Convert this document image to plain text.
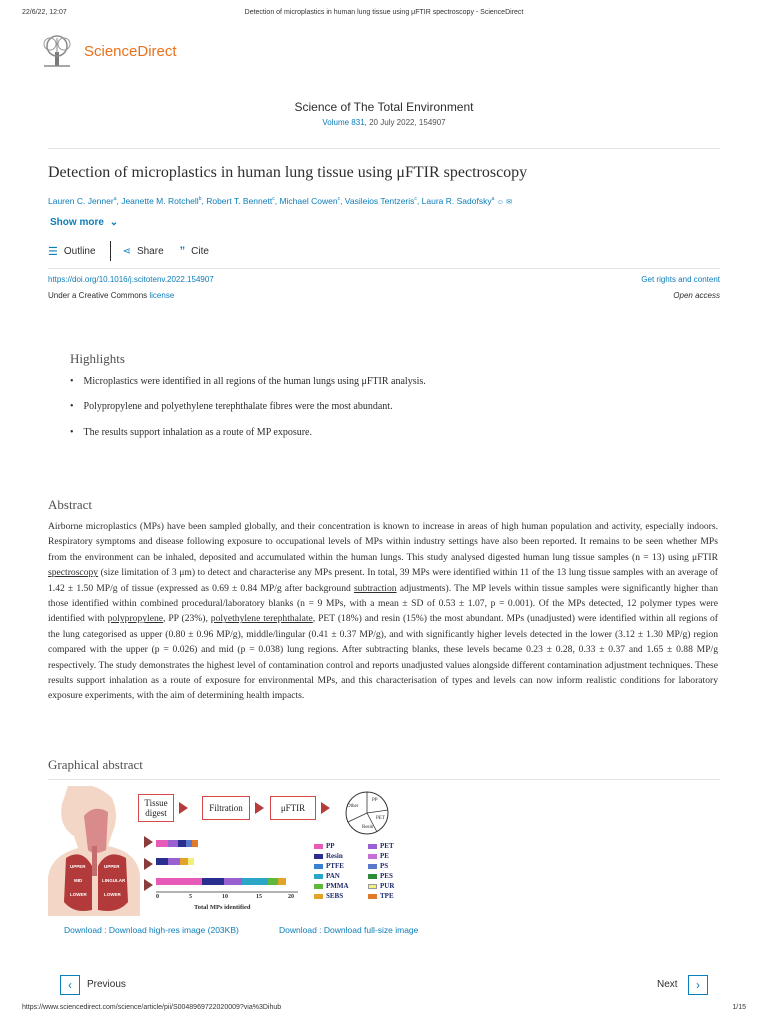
22/6/22, 12:07	Detection of microplastics in human lung tissue using μFTIR spectroscopy - ScienceDirect
ScienceDirect
Science of The Total Environment
Volume 831, 20 July 2022, 154907
Detection of microplastics in human lung tissue using μFTIR spectroscopy
Lauren C. Jenner$^a$, Jeanette M. Rotchell$^b$, Robert T. Bennett$^c$, Michael Cowen$^c$, Vasileios Tentzeris$^c$, Laura R. Sadofsky$^a$ ☺ ✉
Show more ⌄
☰ Outline	⋖ Share ” Cite
https://doi.org/10.1016/j.scitotenv.2022.154907	Get rights and content
Under a Creative Commons license	Open access
Highlights
•    Microplastics were identified in all regions of the human lungs using μFTIR analysis.
•    Polypropylene and polyethylene terephthalate fibres were the most abundant.
•    The results support inhalation as a route of MP exposure.
Abstract
Airborne microplastics (MPs) have been sampled globally, and their concentration is known to increase in areas of high human population and activity, especially indoors. Respiratory symptoms and disease following exposure to occupational levels of MPs within industry settings have also been reported. It remains to be seen whether MPs from the environment can be inhaled, deposited and accumulated within the human lungs. This study analysed digested human lung tissue samples (n = 13) using μFTIR spectroscopy (size limitation of 3 μm) to detect and characterise any MPs present. In total, 39 MPs were identified within 11 of the 13 lung tissue samples with an average of 1.42 ± 1.50 MP/g of tissue (expressed as 0.69 ± 0.84 MP/g after background subtraction adjustments). The MP levels within tissue samples were significantly higher than those identified within combined procedural/laboratory blanks (n = 9 MPs, with a mean ± SD of 0.53 ± 1.07, p = 0.001). Of the MPs detected, 12 polymer types were identified with polypropylene, PP (23%), polyethylene terephthalate, PET (18%) and resin (15%) the most abundant. MPs (unadjusted) were identified within all regions of the lung categorised as upper (0.80 ± 0.96 MP/g), middle/lingular (0.41 ± 0.37 MP/g), and with significantly higher levels detected in the lower (3.12 ± 1.30 MP/g) region compared with the upper (p = 0.026) and mid (p = 0.038) lung regions. After subtracting blanks, these levels became 0.23 ± 0.28, 0.33 ± 0.37 and 1.65 ± 0.88 MP/g respectively. The study demonstrates the highest level of contamination control and reports unadjusted values alongside different contamination adjustment techniques. These results support inhalation as a route of exposure for environmental MPs, and this characterisation of types and levels can now inform realistic conditions for laboratory exposure experiments, with the aim of determining health impacts.
Graphical abstract
UPPER	UPPER
MID	LINGULAR
LOWER	LOWER
Tissue digest	Filtration	μFTIR
PP
PET
Resin
Other
0	5	10	15	20
Total MPs identified
PP	PET
Resin	PE
PTFE	PS
PAN	PES
PMMA	PUR
SEBS	TPE
Download : Download high-res image (203KB)	Download : Download full-size image
‹	Previous	Next	›
https://www.sciencedirect.com/science/article/pii/S0048969722020009?via%3Dihub	1/15
